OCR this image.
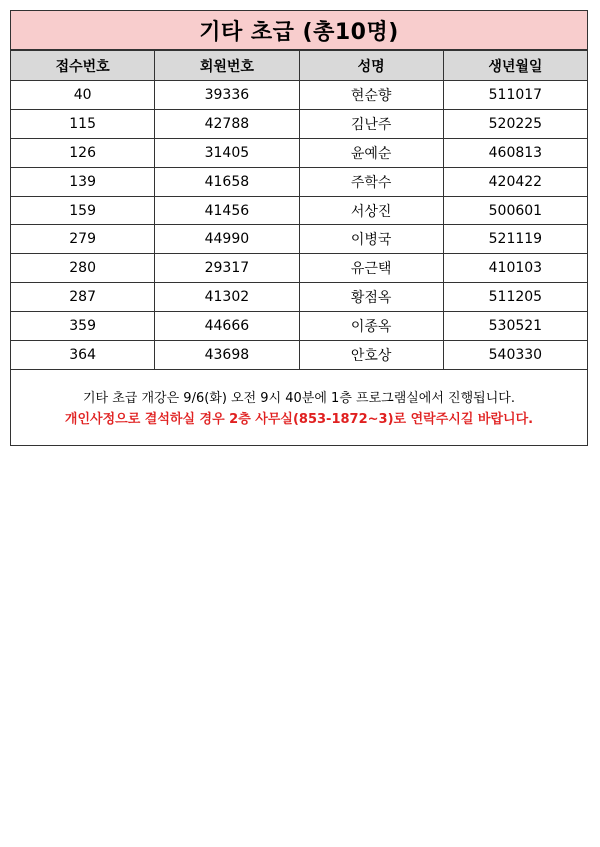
기타 초급 (총10명)
접수번호	회원번호	성명	생년월일
40	39336	현순향	511017
115	42788	김난주	520225
126	31405	윤예순	460813
139	41658	주학수	420422
159	41456	서상진	500601
279	44990	이병국	521119
280	29317	유근택	410103
287	41302	황점옥	511205
359	44666	이종옥	530521
364	43698	안호상	540330
기타 초급 개강은 9/6(화) 오전 9시 40분에 1층 프로그램실에서 진행됩니다.
개인사정으로 결석하실 경우 2층 사무실(853-1872~3)로 연락주시길 바랍니다.
